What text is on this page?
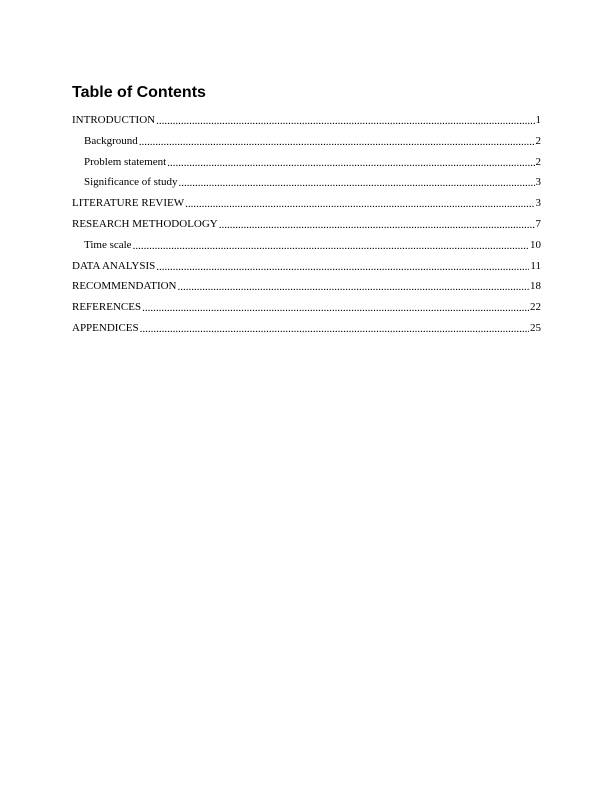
Table of Contents
INTRODUCTION .....	1
Background .....	2
Problem statement .....	2
Significance of study .....	3
LITERATURE REVIEW .....	3
RESEARCH METHODOLOGY .....	7
Time scale .....	10
DATA ANALYSIS .....	11
RECOMMENDATION .....	18
REFERENCES .....	22
APPENDICES .....	25
